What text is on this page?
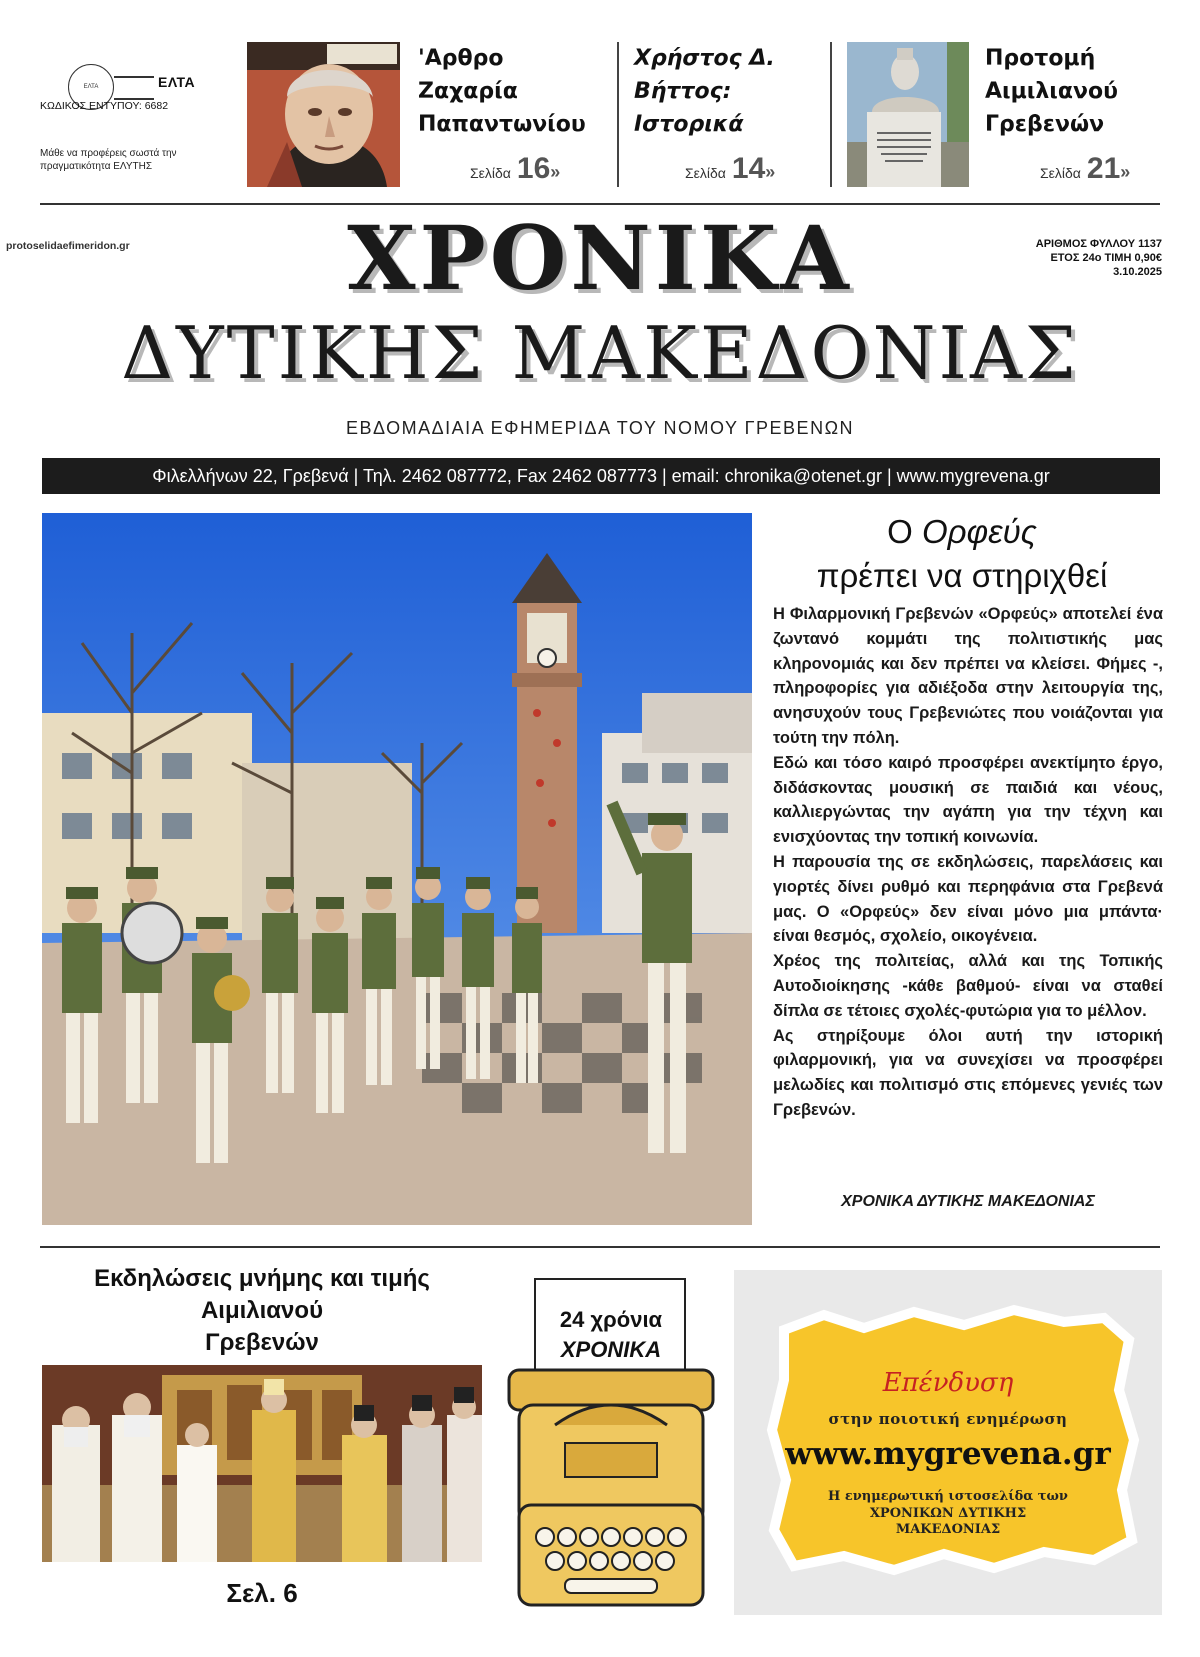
ΕΛΤΑ	ΕΛΤΑ
ΚΩΔΙΚΟΣ ΕΝΤΥΠΟΥ: 6682
Μάθε να προφέρεις σωστά την πραγματικότητα ΕΛΥΤΗΣ
'Αρθρο Ζαχαρία Παπαντωνίου
Σελίδα 16»
Χρήστος Δ. Βήττος: Ιστορικά
Σελίδα 14»
Προτομή Αιμιλιανού Γρεβενών
Σελίδα 21»
protoselidaefimeridon.gr	ΧΡΟΝΙΚΑ
ΔΥΤΙΚΗΣ ΜΑΚΕΔΟΝΙΑΣ
ΑΡΙΘΜΟΣ ΦΥΛΛΟΥ 1137
ΕΤΟΣ 24ο ΤΙΜΗ 0,90€
3.10.2025
ΕΒΔΟΜΑΔΙΑΙΑ ΕΦΗΜΕΡΙΔΑ ΤΟΥ ΝΟΜΟΥ ΓΡΕΒΕΝΩΝ
Φιλελλήνων 22, Γρεβενά | Τηλ. 2462 087772, Fax 2462 087773 | email: chronika@otenet.gr | www.mygrevena.gr
Ο Ορφεύς
πρέπει να στηριχθεί

Η Φιλαρμονική Γρεβενών «Ορφεύς» αποτελεί ένα ζωντανό κομμάτι της πολιτιστικής μας κληρονομιάς και δεν πρέπει να κλείσει. Φήμες -, πληροφορίες για αδιέξοδα στην λειτουργία της, ανησυχούν τους Γρεβενιώτες που νοιάζονται για τούτη την πόλη.

Εδώ και τόσο καιρό προσφέρει ανεκτίμητο έργο, διδάσκοντας μουσική σε παιδιά και νέους, καλλιεργώντας την αγάπη για την τέχνη και ενισχύοντας την τοπική κοινωνία.

Η παρουσία της σε εκδηλώσεις, παρελάσεις και γιορτές δίνει ρυθμό και περηφάνια στα Γρεβενά μας. Ο «Ορφεύς» δεν είναι μόνο μια μπάντα· είναι θεσμός, σχολείο, οικογένεια.

Χρέος της πολιτείας, αλλά και της Τοπικής Αυτοδιοίκησης -κάθε βαθμού- είναι να σταθεί δίπλα σε τέτοιες σχολές-φυτώρια για το μέλλον.

Ας στηρίξουμε όλοι αυτή την ιστορική φιλαρμονική, για να συνεχίσει να προσφέρει μελωδίες και πολιτισμό στις επόμενες γενιές των Γρεβενών.

ΧΡΟΝΙΚΑ ΔΥΤΙΚΗΣ ΜΑΚΕΔΟΝΙΑΣ
Εκδηλώσεις μνήμης και τιμής
Αιμιλιανού
Γρεβενών
Σελ. 6
24 χρόνια
ΧΡΟΝΙΚΑ
Επένδυση
στην ποιοτική ενημέρωση
www.mygrevena.gr
Η ενημερωτική ιστοσελίδα των
ΧΡΟΝΙΚΩΝ ΔΥΤΙΚΗΣ
ΜΑΚΕΔΟΝΙΑΣ
